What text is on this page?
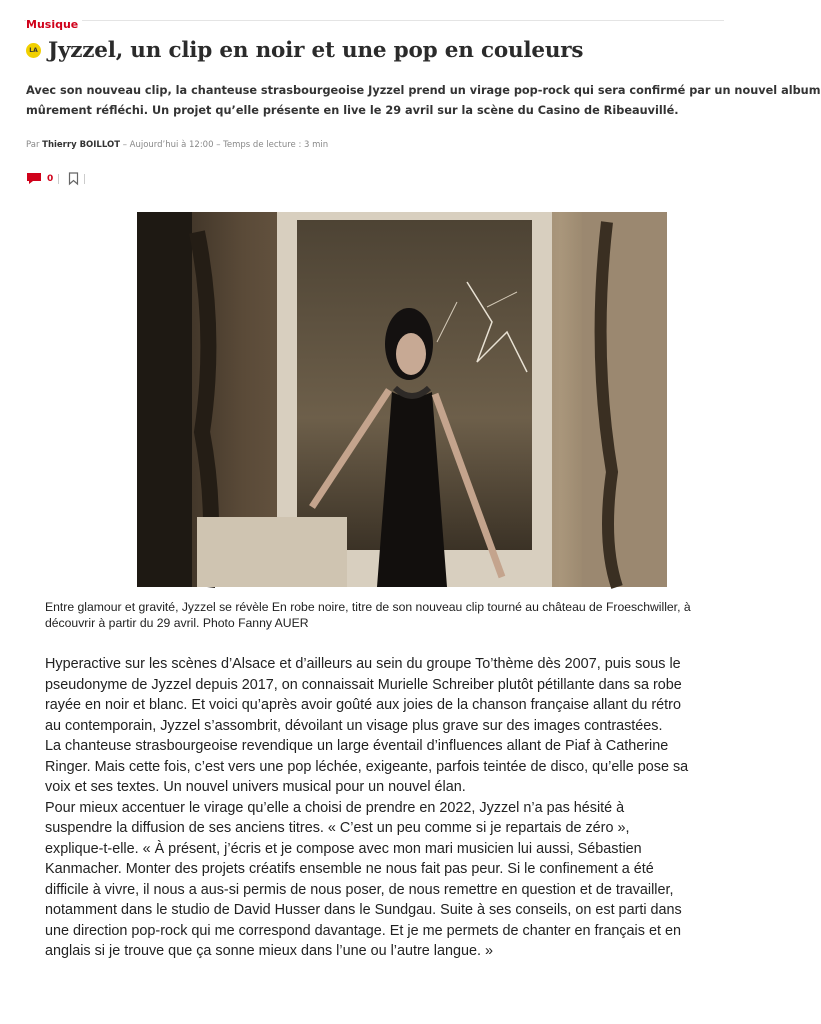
Musique
LA Jyzzel, un clip en noir et une pop en couleurs
Avec son nouveau clip, la chanteuse strasbourgeoise Jyzzel prend un virage pop-rock qui sera confirmé par un nouvel album
mûrement réfléchi. Un projet qu’elle présente en live le 29 avril sur la scène du Casino de Ribeauvillé.
Par Thierry BOILLOT – Aujourd’hui à 12:00 – Temps de lecture : 3 min
0
Entre glamour et gravité, Jyzzel se révèle En robe noire, titre de son nouveau clip tourné au château de Froeschwiller, à découvrir à partir du 29 avril. Photo Fanny AUER

Hyperactive sur les scènes d’Alsace et d’ailleurs au sein du groupe To’thème dès 2007, puis sous le pseudonyme de Jyzzel depuis 2017, on connaissait Murielle Schreiber plutôt pétillante dans sa robe rayée en noir et blanc. Et voici qu’après avoir goûté aux joies de la chanson française allant du rétro au contemporain, Jyzzel s’assombrit, dévoilant un visage plus grave sur des images contrastées.

La chanteuse strasbourgeoise revendique un large éventail d’influences allant de Piaf à Catherine Ringer. Mais cette fois, c’est vers une pop léchée, exigeante, parfois teintée de disco, qu’elle pose sa voix et ses textes. Un nouvel univers musical pour un nouvel élan.

Pour mieux accentuer le virage qu’elle a choisi de prendre en 2022, Jyzzel n’a pas hésité à suspendre la diffusion de ses anciens titres. « C’est un peu comme si je repartais de zéro », explique-t-elle. « À présent, j’écris et je compose avec mon mari musicien lui aussi, Sébastien Kanmacher. Monter des projets créatifs ensemble ne nous fait pas peur. Si le confinement a été difficile à vivre, il nous a aus-si permis de nous poser, de nous remettre en question et de travailler, notamment dans le studio de David Husser dans le Sundgau. Suite à ses conseils, on est parti dans une direction pop-rock qui me correspond davantage. Et je me permets de chanter en français et en anglais si je trouve que ça sonne mieux dans l’une ou l’autre langue. »
